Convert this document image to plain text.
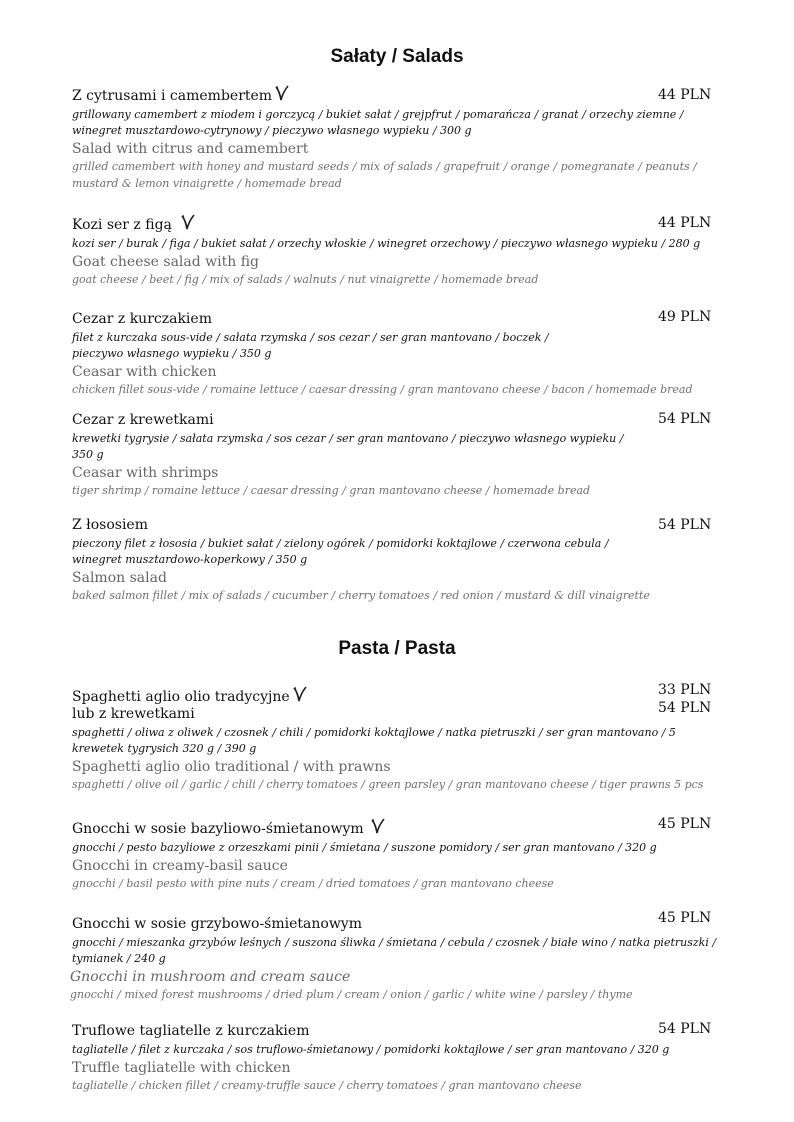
Sałaty / Salads
44 PLN
Z cytrusami i camembertem
grillowany camembert z miodem i gorczycą / bukiet sałat / grejpfrut / pomarańcza / granat / orzechy ziemne / winegret musztardowo-cytrynowy / pieczywo własnego wypieku / 300 g
Salad with citrus and camembert
grilled camembert with honey and mustard seeds / mix of salads / grapefruit / orange / pomegranate / peanuts / mustard & lemon vinaigrette / homemade bread
44 PLN
Kozi ser z figą
kozi ser / burak / figa / bukiet sałat / orzechy włoskie / winegret orzechowy / pieczywo własnego wypieku / 280 g
Goat cheese salad with fig
goat cheese / beet / fig / mix of salads / walnuts / nut vinaigrette / homemade bread
49 PLN
Cezar z kurczakiem
filet z kurczaka sous-vide / sałata rzymska / sos cezar / ser gran mantovano / boczek / pieczywo własnego wypieku / 350 g
Ceasar with chicken
chicken fillet sous-vide / romaine lettuce / caesar dressing / gran mantovano cheese / bacon / homemade bread
54 PLN
Cezar z krewetkami
krewetki tygrysie / sałata rzymska / sos cezar / ser gran mantovano / pieczywo własnego wypieku / 350 g
Ceasar with shrimps
tiger shrimp / romaine lettuce / caesar dressing / gran mantovano cheese / homemade bread
54 PLN
Z łososiem
pieczony filet z łososia / bukiet sałat / zielony ogórek / pomidorki koktajlowe / czerwona cebula / winegret musztardowo-koperkowy / 350 g
Salmon salad
baked salmon fillet / mix of salads / cucumber / cherry tomatoes / red onion / mustard & dill vinaigrette
Pasta / Pasta
33 PLN
54 PLN
Spaghetti aglio olio tradycyjne
lub z krewetkami
spaghetti / oliwa z oliwek / czosnek / chili / pomidorki koktajlowe / natka pietruszki / ser gran mantovano / 5 krewetek tygrysich 320 g / 390 g
Spaghetti aglio olio traditional / with prawns
spaghetti / olive oil / garlic / chili / cherry tomatoes / green parsley / gran mantovano cheese / tiger prawns 5 pcs
45 PLN
Gnocchi w sosie bazyliowo-śmietanowym
gnocchi / pesto bazyliowe z orzeszkami pinii / śmietana / suszone pomidory / ser gran mantovano / 320 g
Gnocchi in creamy-basil sauce
gnocchi / basil pesto with pine nuts / cream / dried tomatoes / gran mantovano cheese
45 PLN
Gnocchi w sosie grzybowo-śmietanowym
gnocchi / mieszanka grzybów leśnych / suszona śliwka / śmietana / cebula / czosnek / białe wino / natka pietruszki / tymianek / 240 g
Gnocchi in mushroom and cream sauce
gnocchi / mixed forest mushrooms / dried plum / cream / onion / garlic / white wine / parsley / thyme
54 PLN
Truflowe tagliatelle z kurczakiem
tagliatelle / filet z kurczaka / sos truflowo-śmietanowy / pomidorki koktajlowe / ser gran mantovano / 320 g
Truffle tagliatelle with chicken
tagliatelle / chicken fillet / creamy-truffle sauce / cherry tomatoes / gran mantovano cheese
